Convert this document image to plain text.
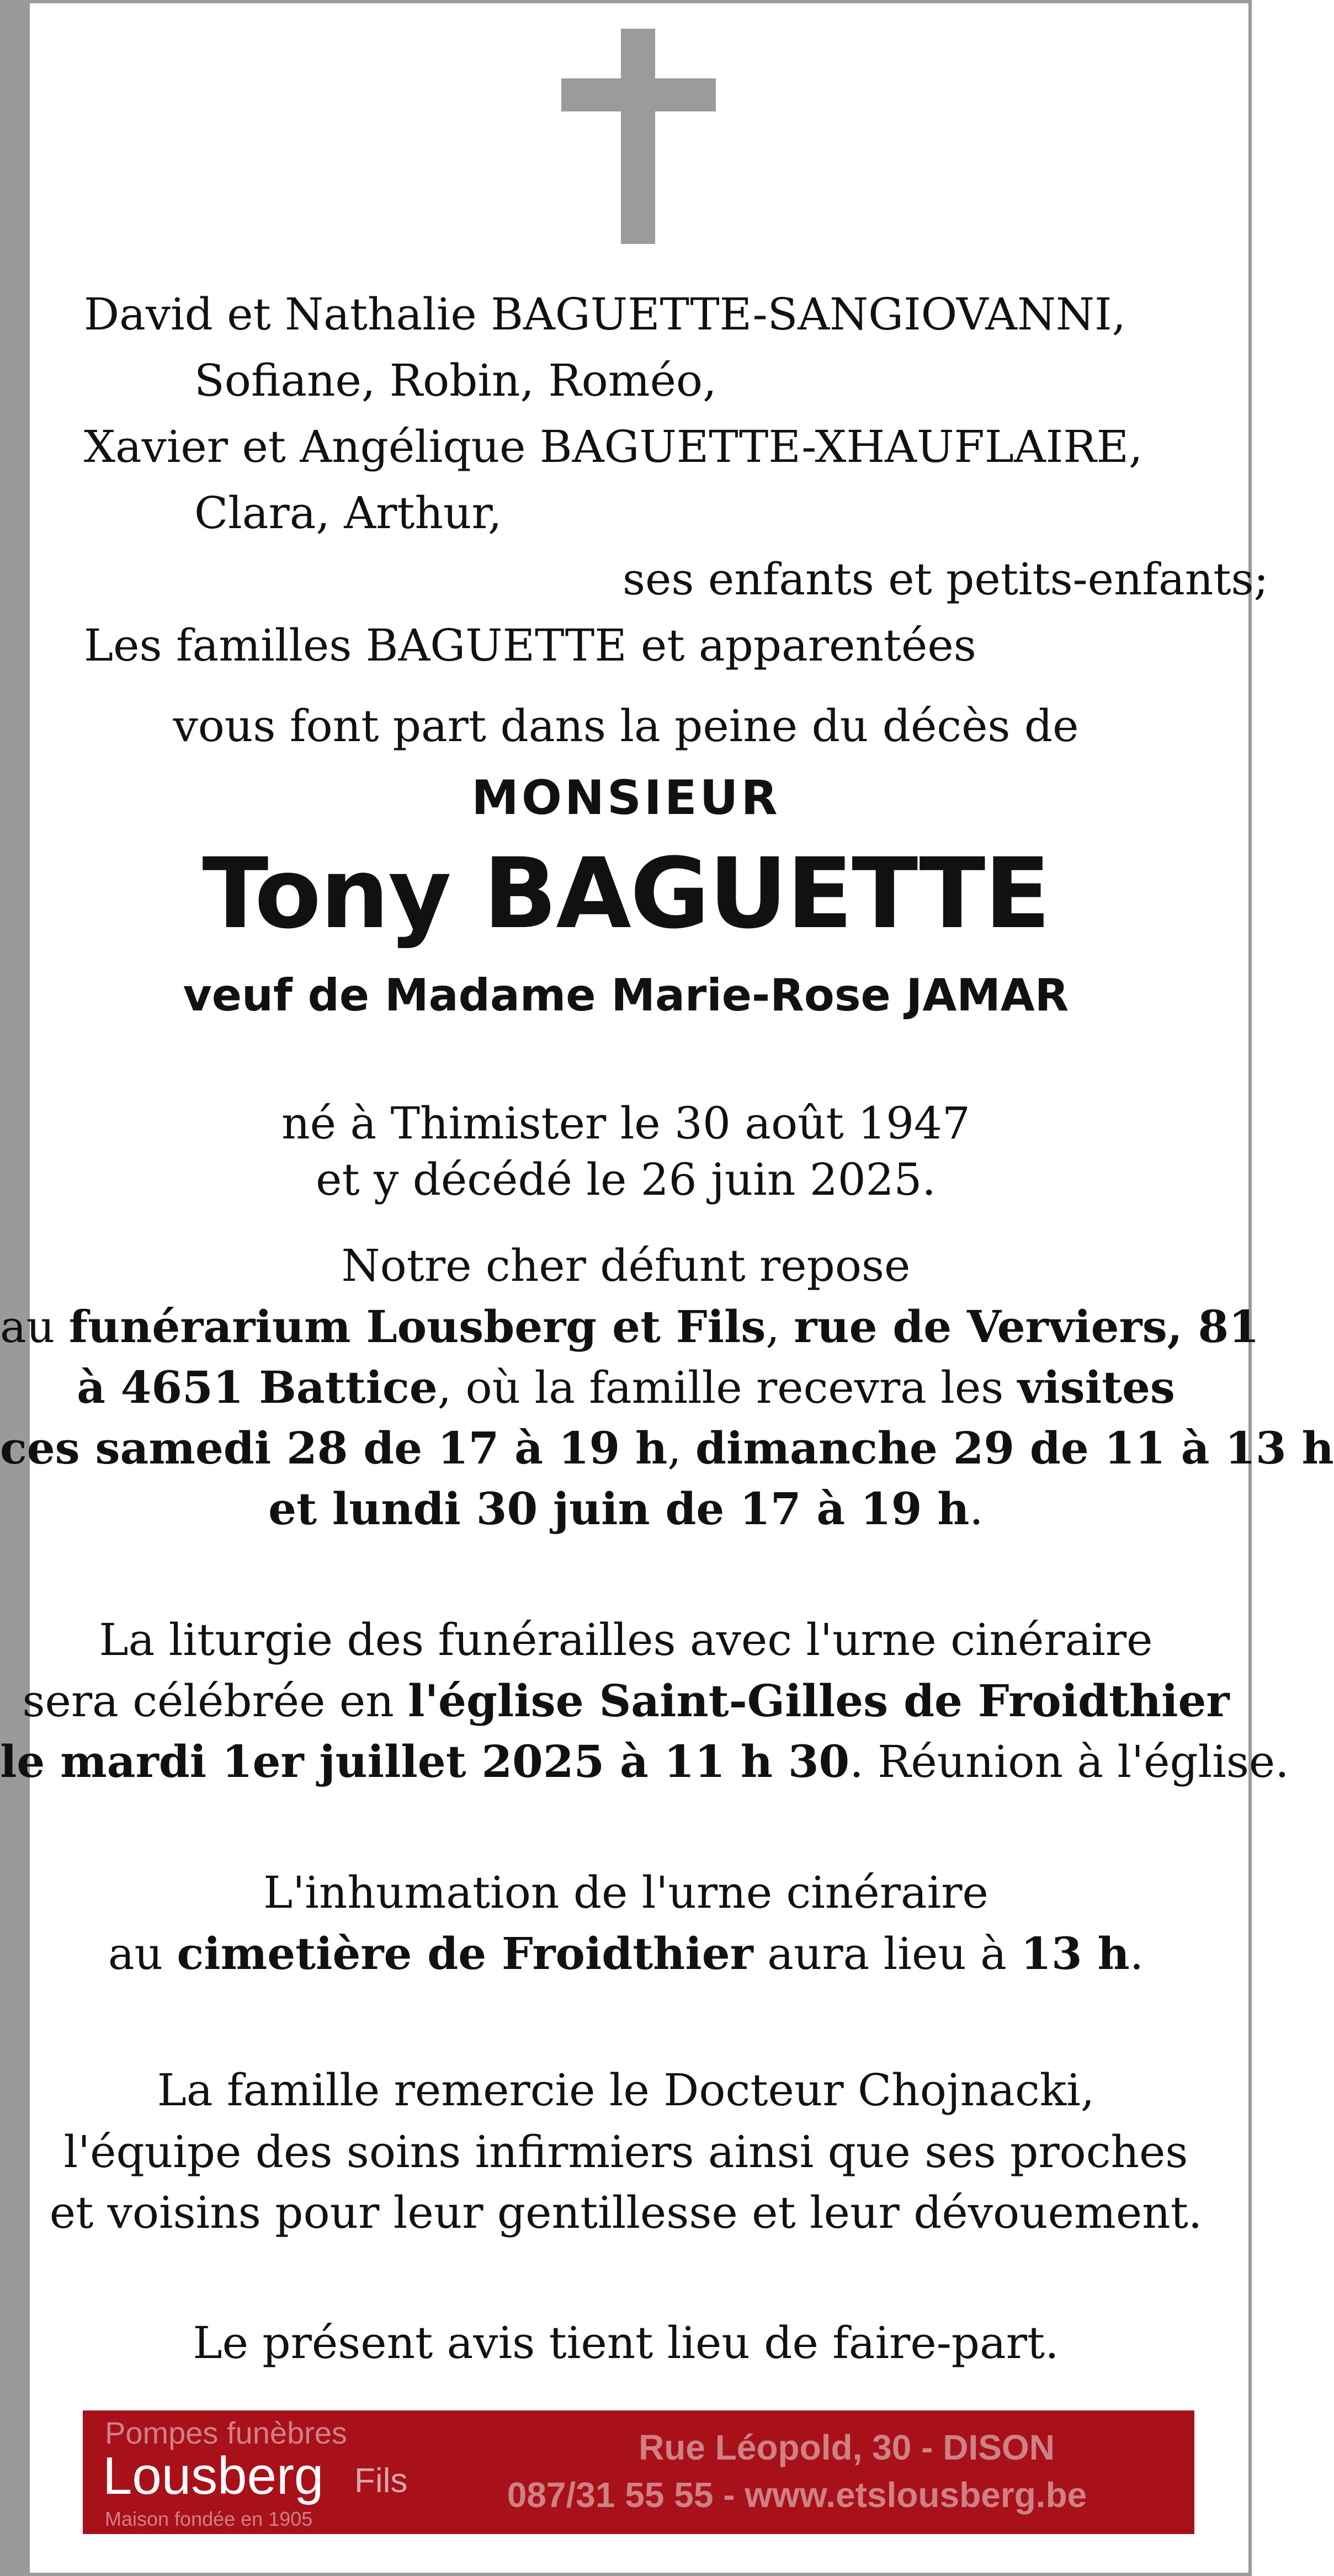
David et Nathalie BAGUETTE-SANGIOVANNI,
Sofiane, Robin, Roméo,
Xavier et Angélique BAGUETTE-XHAUFLAIRE,
Clara, Arthur,
ses enfants et petits-enfants;
Les familles BAGUETTE et apparentées
vous font part dans la peine du décès de
MONSIEUR
Tony BAGUETTE
veuf de Madame Marie-Rose JAMAR
né à Thimister le 30 août 1947
et y décédé le 26 juin 2025.
Notre cher défunt repose
au funérarium Lousberg et Fils, rue de Verviers, 81
à 4651 Battice, où la famille recevra les visites
ces samedi 28 de 17 à 19 h, dimanche 29 de 11 à 13 h
et lundi 30 juin de 17 à 19 h.
La liturgie des funérailles avec l'urne cinéraire
sera célébrée en l'église Saint-Gilles de Froidthier
le mardi 1er juillet 2025 à 11 h 30. Réunion à l'église.
L'inhumation de l'urne cinéraire
au cimetière de Froidthier aura lieu à 13 h.
La famille remercie le Docteur Chojnacki,
l'équipe des soins infirmiers ainsi que ses proches
et voisins pour leur gentillesse et leur dévouement.
Le présent avis tient lieu de faire-part.
Pompes funèbres
Lousberg Fils
Maison fondée en 1905
Rue Léopold, 30 - DISON
087/31 55 55 - www.etslousberg.be
